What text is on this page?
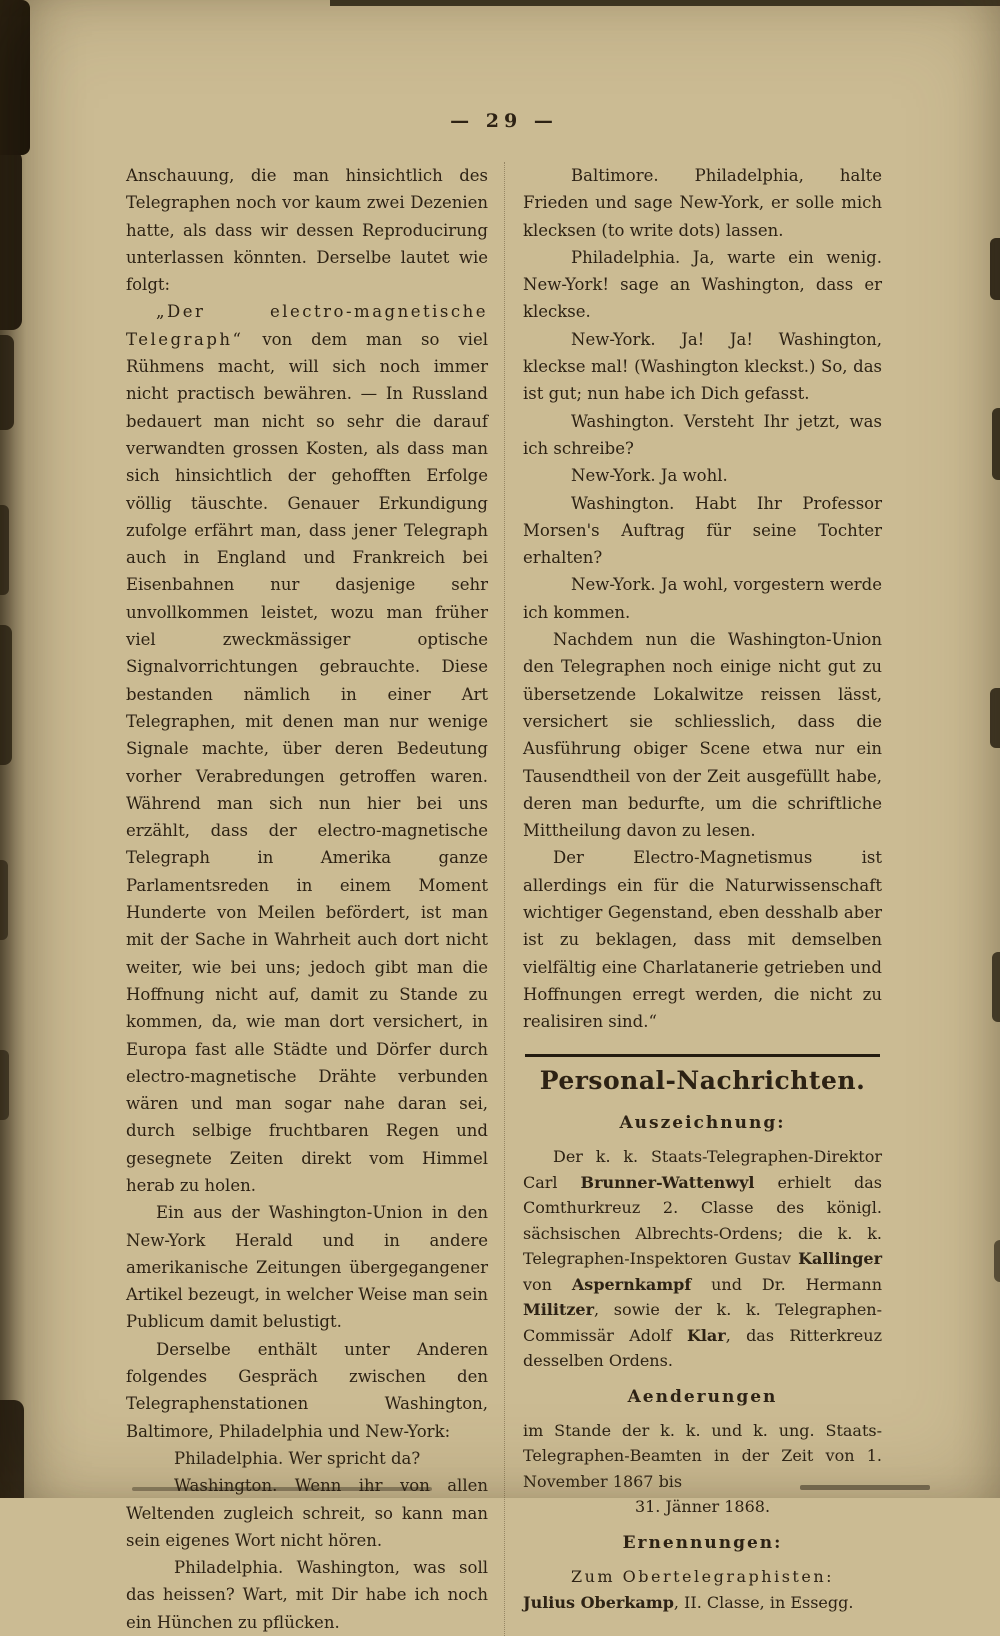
— 29 —

Anschauung, die man hinsichtlich des Telegraphen noch vor kaum zwei Dezenien hatte, als dass wir dessen Reproducirung unterlassen könnten. Derselbe lautet wie folgt:

„Der electro-magnetische Telegraph“ von dem man so viel Rühmens macht, will sich noch immer nicht practisch bewähren. — In Russland bedauert man nicht so sehr die darauf verwandten grossen Kosten, als dass man sich hinsichtlich der gehofften Erfolge völlig täuschte. Genauer Erkundigung zufolge erfährt man, dass jener Telegraph auch in England und Frankreich bei Eisenbahnen nur dasjenige sehr unvollkommen leistet, wozu man früher viel zweckmässiger optische Signalvorrichtungen gebrauchte. Diese bestanden nämlich in einer Art Telegraphen, mit denen man nur wenige Signale machte, über deren Bedeutung vorher Verabredungen getroffen waren. Während man sich nun hier bei uns erzählt, dass der electro-magnetische Telegraph in Amerika ganze Parlamentsreden in einem Moment Hunderte von Meilen befördert, ist man mit der Sache in Wahrheit auch dort nicht weiter, wie bei uns; jedoch gibt man die Hoffnung nicht auf, damit zu Stande zu kommen, da, wie man dort versichert, in Europa fast alle Städte und Dörfer durch electro-magnetische Drähte verbunden wären und man sogar nahe daran sei, durch selbige fruchtbaren Regen und gesegnete Zeiten direkt vom Himmel herab zu holen.

Ein aus der Washington-Union in den New-York Herald und in andere amerikanische Zeitungen übergegangener Artikel bezeugt, in welcher Weise man sein Publicum damit belustigt.

Derselbe enthält unter Anderen folgendes Gespräch zwischen den Telegraphenstationen Washington, Baltimore, Philadelphia und New-York:

Philadelphia. Wer spricht da?

Washington. Wenn ihr von allen Weltenden zugleich schreit, so kann man sein eigenes Wort nicht hören.

Philadelphia. Washington, was soll das heissen? Wart, mit Dir habe ich noch ein Hünchen zu pflücken.

Baltimore. Philadelphia, halte Frieden und sage New-York, er solle mich klecksen (to write dots) lassen.

Philadelphia. Ja, warte ein wenig. New-York! sage an Washington, dass er kleckse.

New-York. Ja! Ja! Washington, kleckse mal! (Washington kleckst.) So, das ist gut; nun habe ich Dich gefasst.

Washington. Versteht Ihr jetzt, was ich schreibe?

New-York. Ja wohl.

Washington. Habt Ihr Professor Morsen's Auftrag für seine Tochter erhalten?

New-York. Ja wohl, vorgestern werde ich kommen.

Nachdem nun die Washington-Union den Telegraphen noch einige nicht gut zu übersetzende Lokalwitze reissen lässt, versichert sie schliesslich, dass die Ausführung obiger Scene etwa nur ein Tausendtheil von der Zeit ausgefüllt habe, deren man bedurfte, um die schriftliche Mittheilung davon zu lesen.

Der Electro-Magnetismus ist allerdings ein für die Naturwissenschaft wichtiger Gegenstand, eben desshalb aber ist zu beklagen, dass mit demselben vielfältig eine Charlatanerie getrieben und Hoffnungen erregt werden, die nicht zu realisiren sind.“

Personal-Nachrichten.
Auszeichnung:

Der k. k. Staats-Telegraphen-Direktor Carl Brunner-Wattenwyl erhielt das Comthurkreuz 2. Classe des königl. sächsischen Albrechts-Ordens; die k. k. Telegraphen-Inspektoren Gustav Kallinger von Aspernkampf und Dr. Hermann Militzer, sowie der k. k. Telegraphen-Commissär Adolf Klar, das Ritterkreuz desselben Ordens.

Aenderungen

im Stande der k. k. und k. ung. Staats-Telegraphen-Beamten in der Zeit von 1. November 1867 bis

31. Jänner 1868.

Ernennungen:

Zum Obertelegraphisten:

Julius Oberkamp, II. Classe, in Essegg.
